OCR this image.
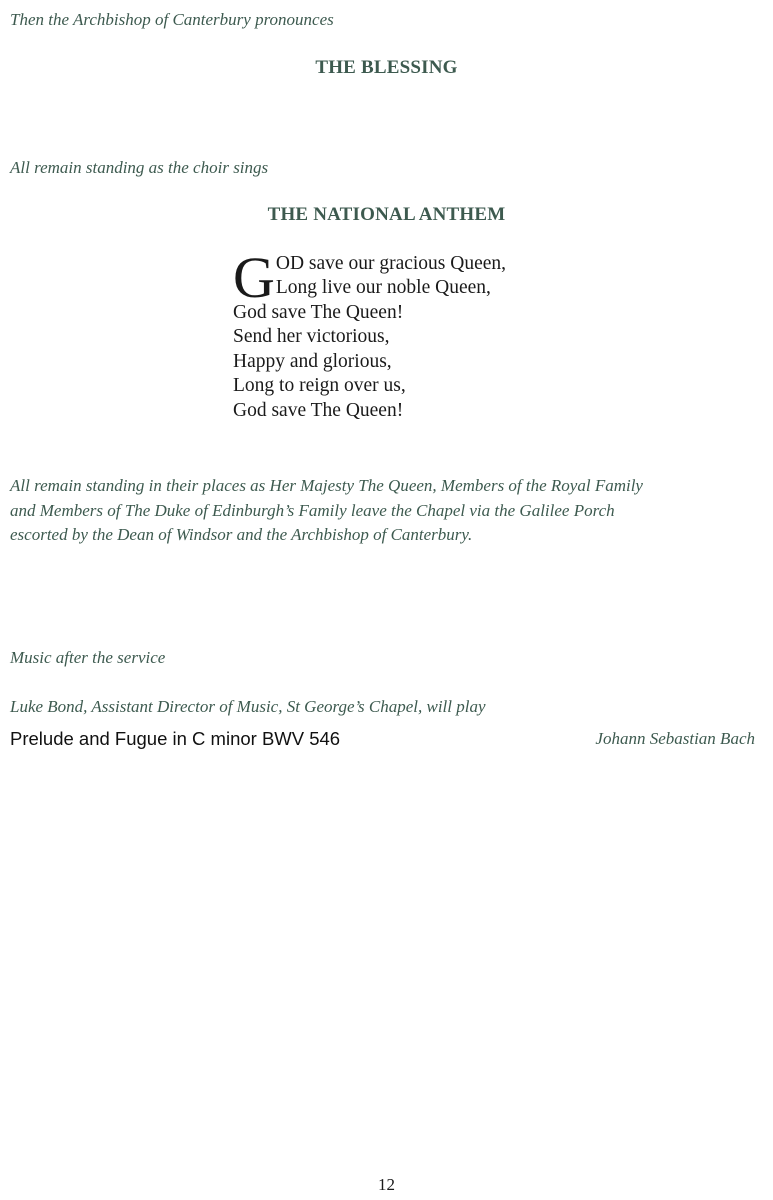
Then the Archbishop of Canterbury pronounces

THE BLESSING

All remain standing as the choir sings

THE NATIONAL ANTHEM
G OD save our gracious Queen,
Long live our noble Queen,
God save The Queen!
Send her victorious,
Happy and glorious,
Long to reign over us,
God save The Queen!

All remain standing in their places as Her Majesty The Queen, Members of the Royal Family
and Members of The Duke of Edinburgh’s Family leave the Chapel via the Galilee Porch
escorted by the Dean of Windsor and the Archbishop of Canterbury.

Music after the service

Luke Bond, Assistant Director of Music, St George’s Chapel, will play

Prelude and Fugue in C minor BWV 546	Johann Sebastian Bach
12
